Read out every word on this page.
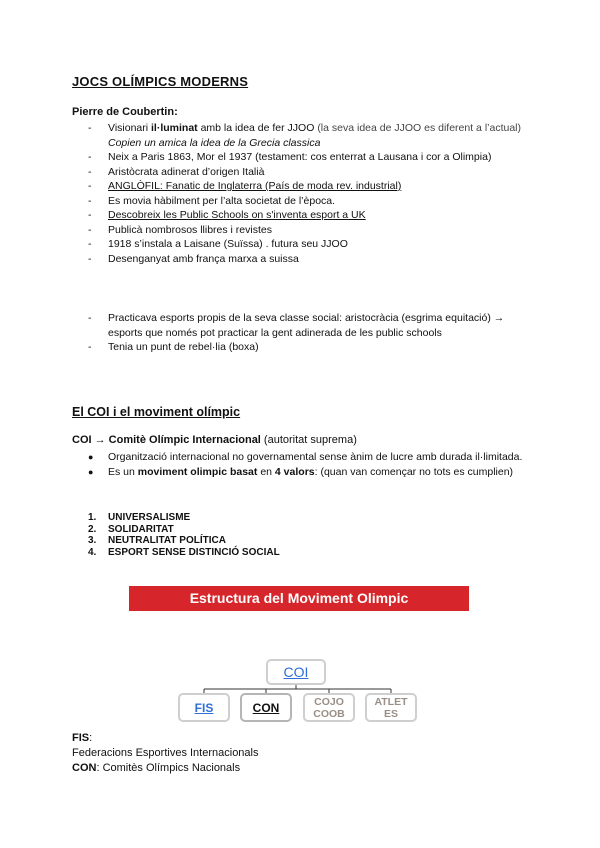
JOCS OLÍMPICS MODERNS
Pierre de Coubertin:
-	Visionari il·luminat amb la idea de fer JJOO (la seva idea de JJOO es diferent a l’actual)
Copien un amica la idea de la Grecia classica
-	Neix a Paris 1863, Mor el 1937 (testament: cos enterrat a Lausana i cor a Olimpia)
-	Aristòcrata adinerat d’origen Italià
-	ANGLÒFIL: Fanatic de Inglaterra (País de moda rev. industrial)
-	Es movia hàbilment per l’alta societat de l’època.
-	Descobreix les Public Schools on s'inventa esport a UK
-	Publicà nombrosos llibres i revistes
-	1918 s’instala a Laisane (Suïssa) . futura seu JJOO
-	Desenganyat amb frança marxa a suissa
-	Practicava esports propis de la seva classe social: aristocràcia (esgrima equitació) → esports que només pot practicar la gent adinerada de les public schools
-	Tenia un punt de rebel·lia (boxa)
El COI i el moviment olímpic
COI → Comitè Olímpic Internacional (autoritat suprema)
●	Organització internacional no governamental sense ànim de lucre amb durada il·limitada.
●	Es un moviment olimpic basat en 4 valors: (quan van començar no tots es cumplien)
1.	UNIVERSALISME
2.	SOLIDARITAT
3.	NEUTRALITAT POLÍTICA
4.	ESPORT SENSE DISTINCIÓ SOCIAL
Estructura del Moviment Olimpic
COI
FIS	CON	COJO COOB
ATLET ES
FIS:
Federacions Esportives Internacionals
CON: Comitès Olímpics Nacionals
